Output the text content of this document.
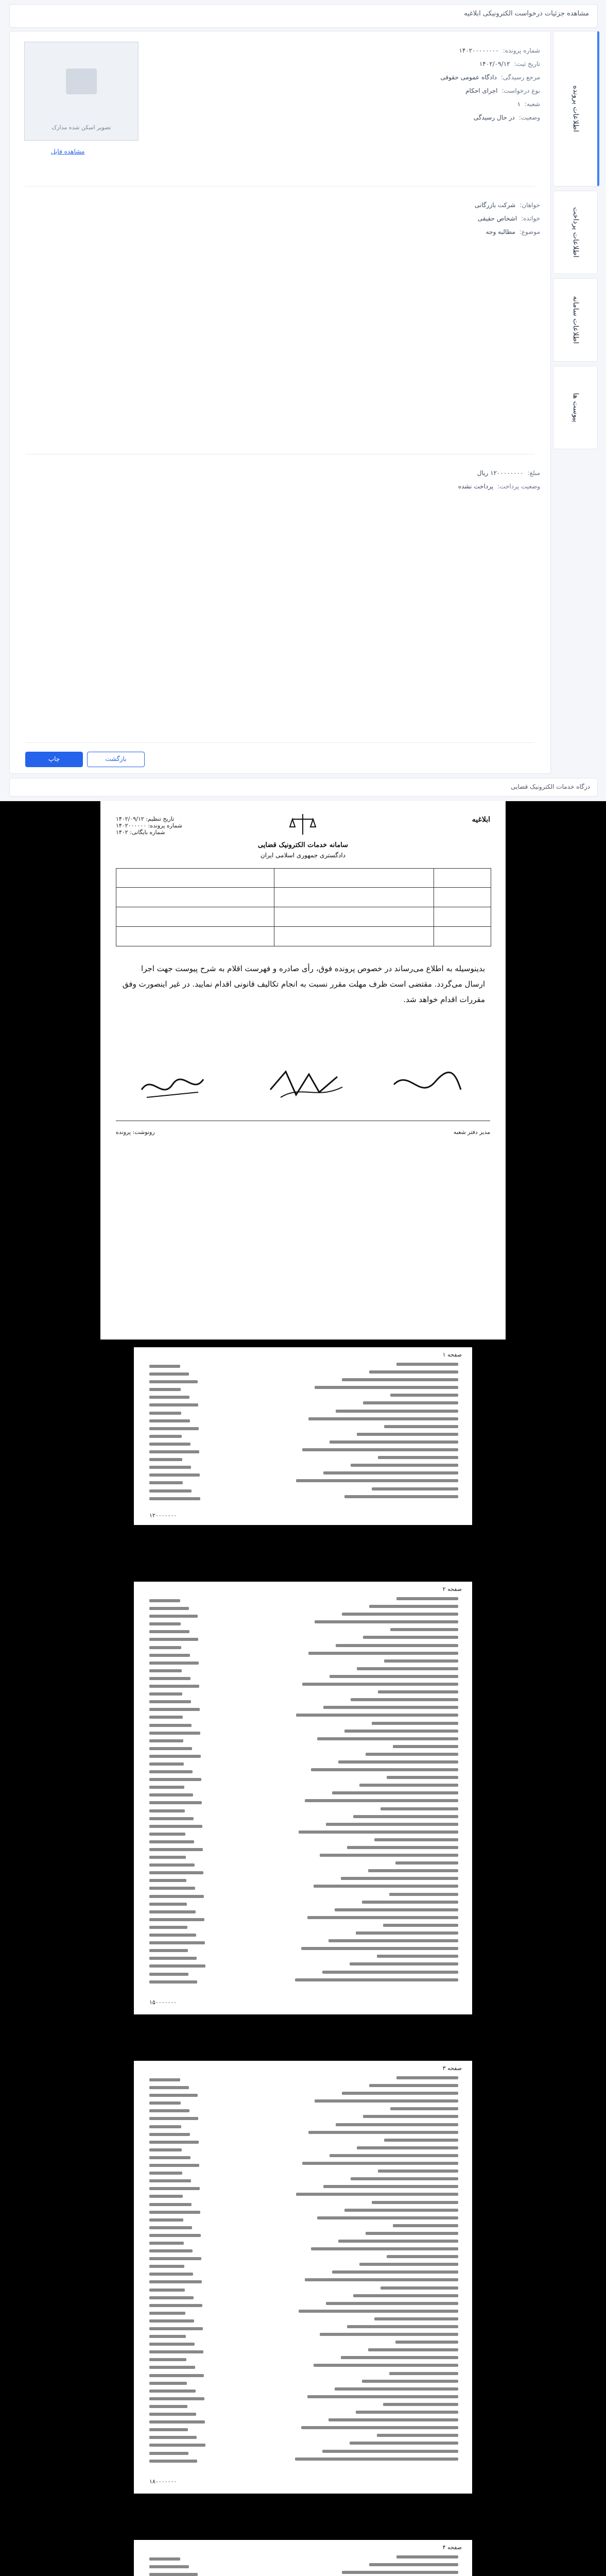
مشاهده جزئیات درخواست الکترونیکی ابلاغیه
تصویر اسکن شده مدارک
مشاهده فایل
شماره پرونده:۱۴۰۲۰۰۰۰۰۰۰۰
تاریخ ثبت:۱۴۰۲/۰۹/۱۲
مرجع رسیدگی:دادگاه عمومی حقوقی
نوع درخواست:اجرای احکام
شعبه:۱
وضعیت:در حال رسیدگی
خواهان:شرکت بازرگانی
خوانده:اشخاص حقیقی
موضوع:مطالبه وجه
مبلغ:۱۲۰۰۰۰۰۰۰۰ ریال
وضعیت پرداخت:پرداخت نشده
چاپ	بازگشت
اطلاعات پرونده
اطلاعات پرداخت
اطلاعات سامانه
پیوست ها
درگاه خدمات الکترونیک قضایی
تاریخ تنظیم: ۱۴۰۲/۰۹/۱۲
شماره پرونده: ۱۴۰۲۰۰۰۰۰۰
شماره بایگانی: ۱۴۰۲
سامانه خدمات الکترونیک قضایی
دادگستری جمهوری اسلامی ایران
ابلاغیه
بدینوسیله به اطلاع می‌رساند در خصوص پرونده فوق، رأی صادره و فهرست اقلام به شرح پیوست جهت اجرا ارسال می‌گردد. مقتضی است ظرف مهلت مقرر نسبت به انجام تکالیف قانونی اقدام نمایید. در غیر اینصورت وفق مقررات اقدام خواهد شد.
مدیر دفتر شعبه
رونوشت: پرونده
صفحه ۱
۱۲۰۰۰۰۰۰۰
صفحه ۲
۱۵۰۰۰۰۰۰۰
صفحه ۳
۱۸۰۰۰۰۰۰۰
صفحه ۴
